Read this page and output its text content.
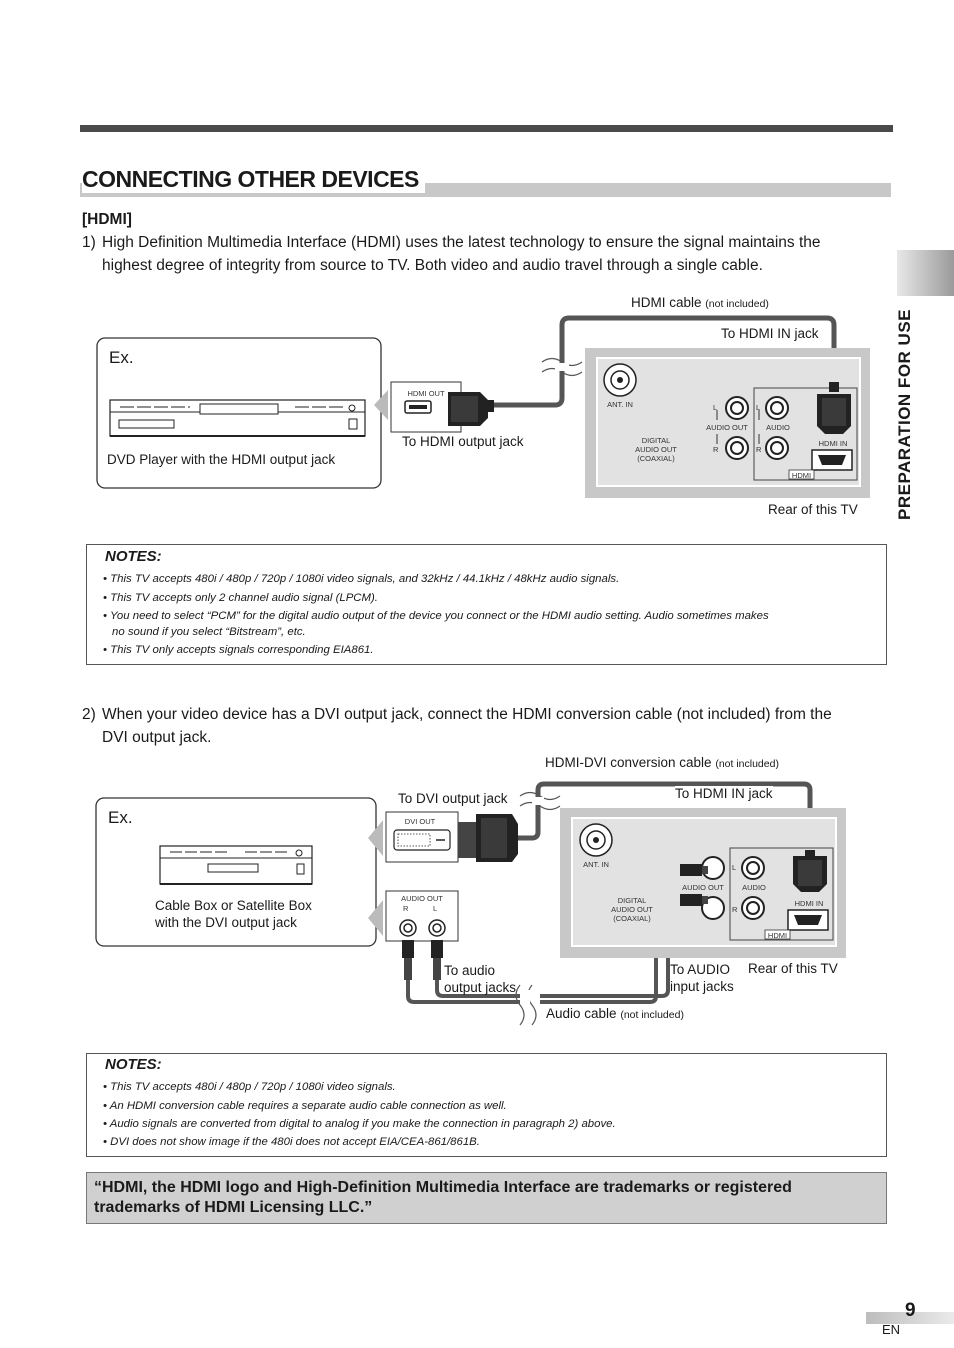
CONNECTING OTHER DEVICES
PREPARATION FOR USE
[HDMI]
1) High Definition Multimedia Interface (HDMI) uses the latest technology to ensure the signal maintains the
highest degree of integrity from source to TV. Both video and audio travel through a single cable.
Ex.
DVD Player with the HDMI output jack
HDMI OUT
To HDMI output jack
HDMI cable (not included)
To HDMI IN jack
Rear of this TV
ANT. IN
AUDIO OUT
DIGITAL
AUDIO OUT
(COAXIAL)
AUDIO
HDMI IN
HDMI
L
R
L
R
NOTES:
• This TV accepts 480i / 480p / 720p / 1080i video signals, and 32kHz / 44.1kHz / 48kHz audio signals.
• This TV accepts only 2 channel audio signal (LPCM).
• You need to select “PCM” for the digital audio output of the device you connect or the HDMI audio setting. Audio sometimes makes
no sound if you select “Bitstream”, etc.
• This TV only accepts signals corresponding EIA861.
2) When your video device has a DVI output jack, connect the HDMI conversion cable (not included) from the
DVI output jack.
Ex.
Cable Box or Satellite Box
with the DVI output jack
DVI OUT
AUDIO OUT
R	L
To DVI output jack
HDMI-DVI conversion cable (not included)
To HDMI IN jack
To audio
output jacks
To AUDIO
input jacks
Rear of this TV
Audio cable (not included)
ANT. IN
AUDIO OUT
DIGITAL
AUDIO OUT
(COAXIAL)
AUDIO
HDMI IN
HDMI
L
R
NOTES:
• This TV accepts 480i / 480p / 720p / 1080i video signals.
• An HDMI conversion cable requires a separate audio cable connection as well.
• Audio signals are converted from digital to analog if you make the connection in paragraph 2) above.
• DVI does not show image if the 480i does not accept EIA/CEA-861/861B.
“HDMI, the HDMI logo and High-Definition Multimedia Interface are trademarks or registered
trademarks of HDMI Licensing LLC.”
9
EN
